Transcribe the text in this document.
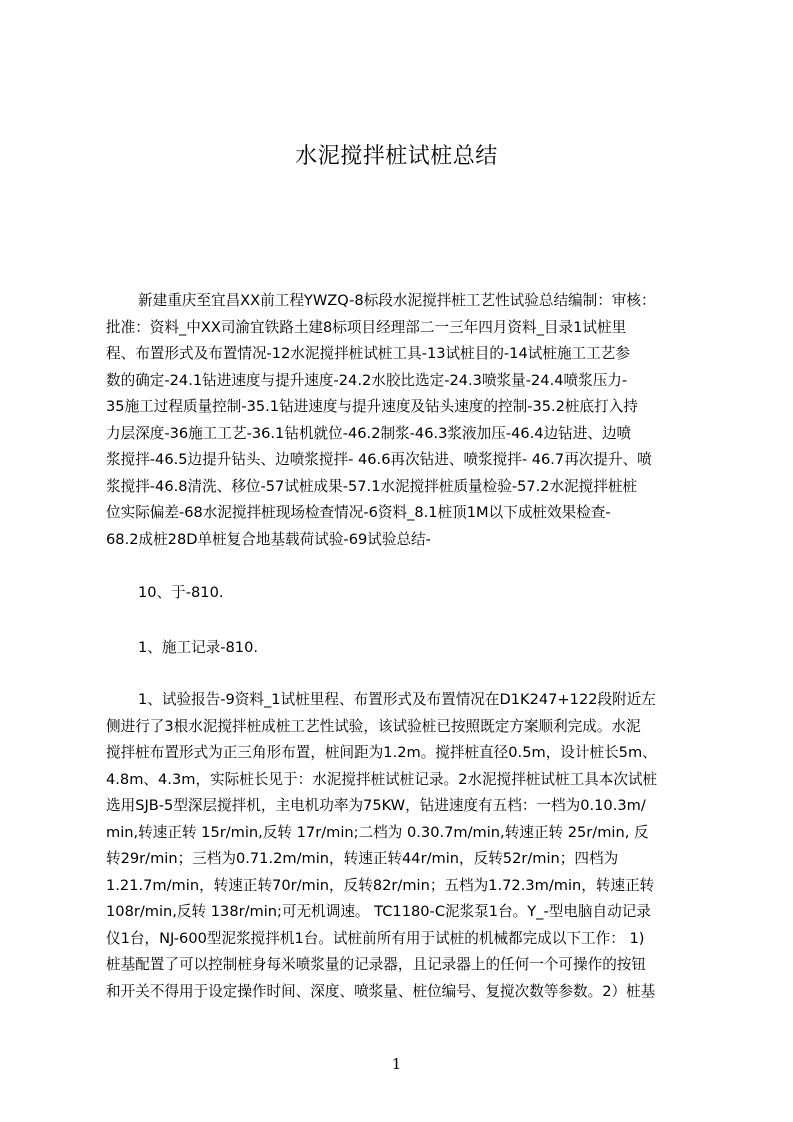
水泥搅拌桩试桩总结
新建重庆至宜昌XX前工程YWZQ-8标段水泥搅拌桩工艺性试验总结编制：审核：
批准：资料_中XX司渝宜铁路土建8标项目经理部二一三年四月资料_目录1试桩里
程、布置形式及布置情况-12水泥搅拌桩试桩工具-13试桩目的-14试桩施工工艺参
数的确定-24.1钻进速度与提升速度-24.2水胶比选定-24.3喷浆量-24.4喷浆压力-
35施工过程质量控制-35.1钻进速度与提升速度及钻头速度的控制-35.2桩底打入持
力层深度-36施工工艺-36.1钻机就位-46.2制浆-46.3浆液加压-46.4边钻进、边喷
浆搅拌-46.5边提升钻头、边喷浆搅拌- 46.6再次钻进、喷浆搅拌- 46.7再次提升、喷
浆搅拌-46.8清洗、移位-57试桩成果-57.1水泥搅拌桩质量检验-57.2水泥搅拌桩桩
位实际偏差-68水泥搅拌桩现场检查情况-6资料_8.1桩顶1M以下成桩效果检查-
68.2成桩28D单桩复合地基载荷试验-69试验总结-
10、于-810.
1、施工记录-810.
1、试验报告-9资料_1试桩里程、布置形式及布置情况在D1K247+122段附近左
侧进行了3根水泥搅拌桩成桩工艺性试验，该试验桩已按照既定方案顺利完成。水泥
搅拌桩布置形式为正三角形布置，桩间距为1.2m。搅拌桩直径0.5m，设计桩长5m、
4.8m、4.3m，实际桩长见于：水泥搅拌桩试桩记录。2水泥搅拌桩试桩工具本次试桩
选用SJB-5型深层搅拌机，主电机功率为75KW，钻进速度有五档：一档为0.10.3m/
min,转速正转 15r/min,反转 17r/min;二档为 0.30.7m/min,转速正转 25r/min, 反
转29r/min；三档为0.71.2m/min，转速正转44r/min，反转52r/min；四档为
1.21.7m/min，转速正转70r/min，反转82r/min；五档为1.72.3m/min，转速正转
108r/min,反转 138r/min;可无机调速。 TC1180-C泥浆泵1台。Y_-型电脑自动记录
仪1台，NJ-600型泥浆搅拌机1台。试桩前所有用于试桩的机械都完成以下工作： 1)
桩基配置了可以控制桩身每米喷浆量的记录器，且记录器上的任何一个可操作的按钮
和开关不得用于设定操作时间、深度、喷浆量、桩位编号、复搅次数等参数。2）桩基
1
